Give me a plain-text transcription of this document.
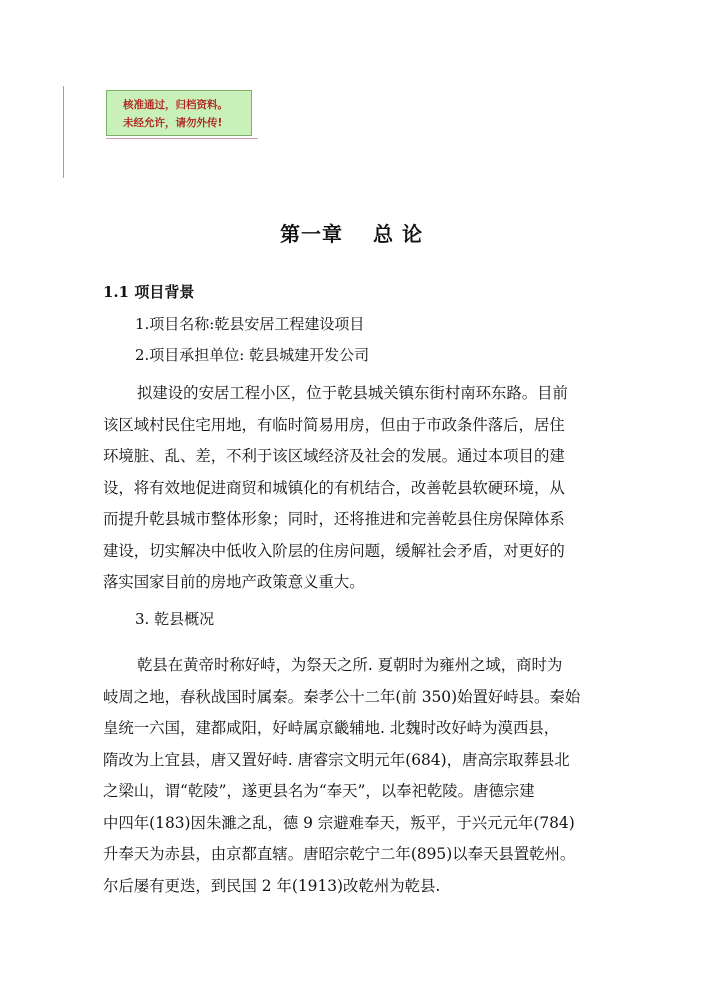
核准通过，归档资料。
未经允许，请勿外传!
第一章 总 论
1.1 项目背景
1.项目名称:乾县安居工程建设项目
2.项目承担单位: 乾县城建开发公司
拟建设的安居工程小区，位于乾县城关镇东街村南环东路。目前
该区域村民住宅用地，有临时简易用房，但由于市政条件落后，居住
环境脏、乱、差，不利于该区域经济及社会的发展。通过本项目的建
设，将有效地促进商贸和城镇化的有机结合，改善乾县软硬环境，从
而提升乾县城市整体形象；同时，还将推进和完善乾县住房保障体系
建设，切实解决中低收入阶层的住房问题，缓解社会矛盾，对更好的
落实国家目前的房地产政策意义重大。
3. 乾县概况
乾县在黄帝时称好峙，为祭天之所. 夏朝时为雍州之域，商时为
岐周之地，春秋战国时属秦。秦孝公十二年(前 350)始置好峙县。秦始
皇统一六国，建都咸阳，好峙属京畿辅地. 北魏时改好峙为漠西县，
隋改为上宜县，唐又置好峙. 唐睿宗文明元年(684)，唐高宗取葬县北
之梁山，谓“乾陵”，遂更县名为“奉天”，以奉祀乾陵。唐德宗建
中四年(183)因朱濉之乱，德 9 宗避难奉天，叛平，于兴元元年(784)
升奉天为赤县，由京都直辖。唐昭宗乾宁二年(895)以奉天县置乾州。
尔后屡有更迭，到民国 2 年(1913)改乾州为乾县.
